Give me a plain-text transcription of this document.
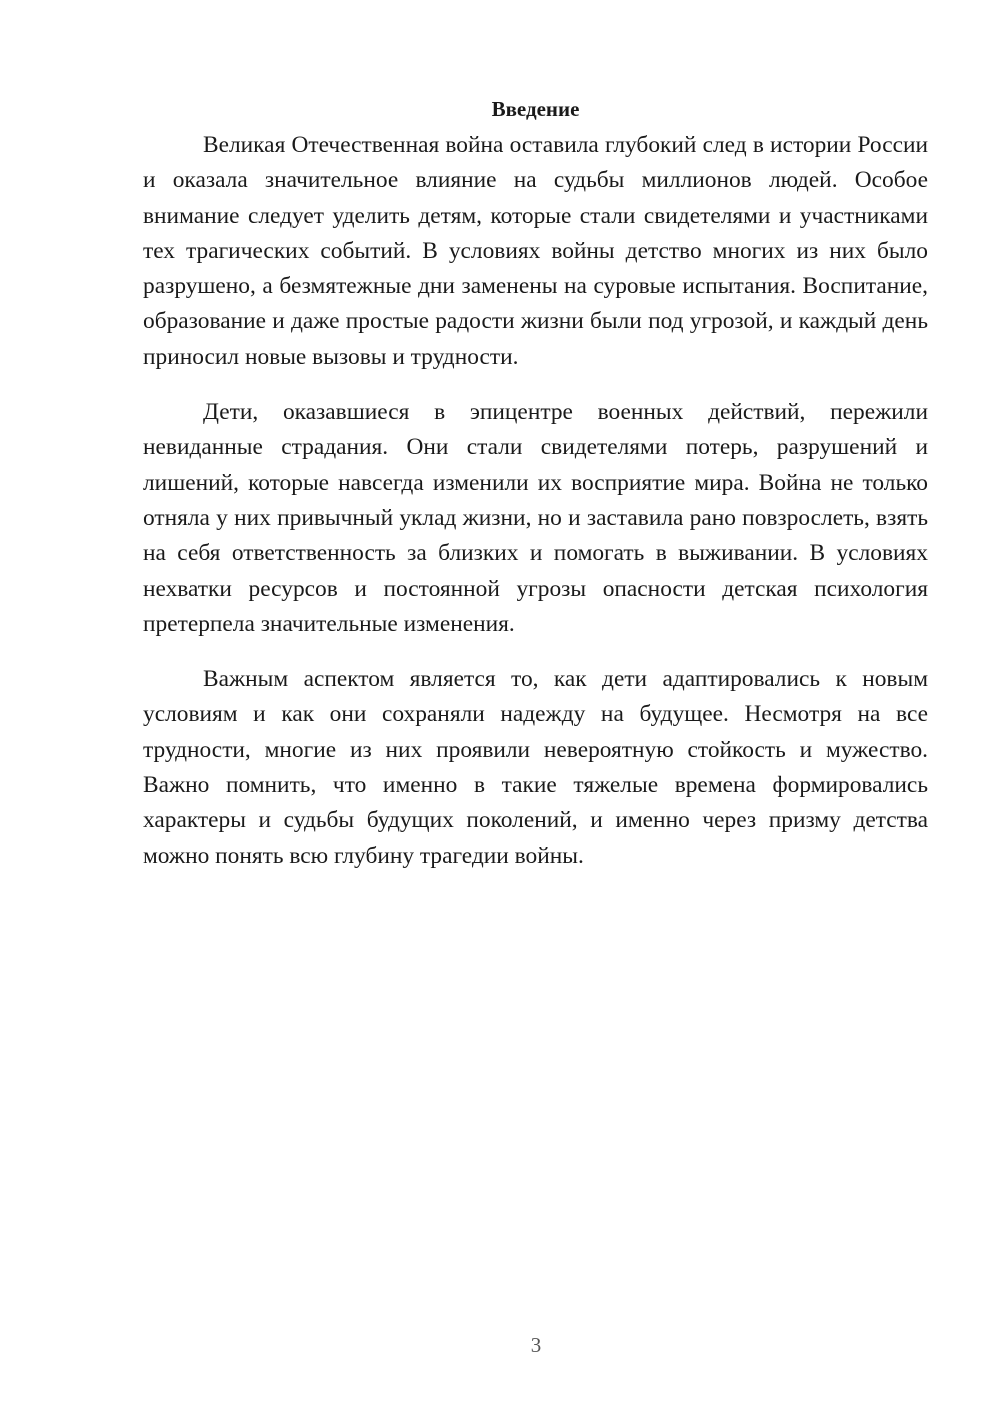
Введение

Великая Отечественная война оставила глубокий след в истории России и оказала значительное влияние на судьбы миллионов людей. Особое внимание следует уделить детям, которые стали свидетелями и участниками тех трагических событий. В условиях войны детство многих из них было разрушено, а безмятежные дни заменены на суровые испытания. Воспитание, образование и даже простые радости жизни были под угрозой, и каждый день приносил новые вызовы и трудности.

Дети, оказавшиеся в эпицентре военных действий, пережили невиданные страдания. Они стали свидетелями потерь, разрушений и лишений, которые навсегда изменили их восприятие мира. Война не только отняла у них привычный уклад жизни, но и заставила рано повзрослеть, взять на себя ответственность за близких и помогать в выживании. В условиях нехватки ресурсов и постоянной угрозы опасности детская психология претерпела значительные изменения.

Важным аспектом является то, как дети адаптировались к новым условиям и как они сохраняли надежду на будущее. Несмотря на все трудности, многие из них проявили невероятную стойкость и мужество. Важно помнить, что именно в такие тяжелые времена формировались характеры и судьбы будущих поколений, и именно через призму детства можно понять всю глубину трагедии войны.

3
